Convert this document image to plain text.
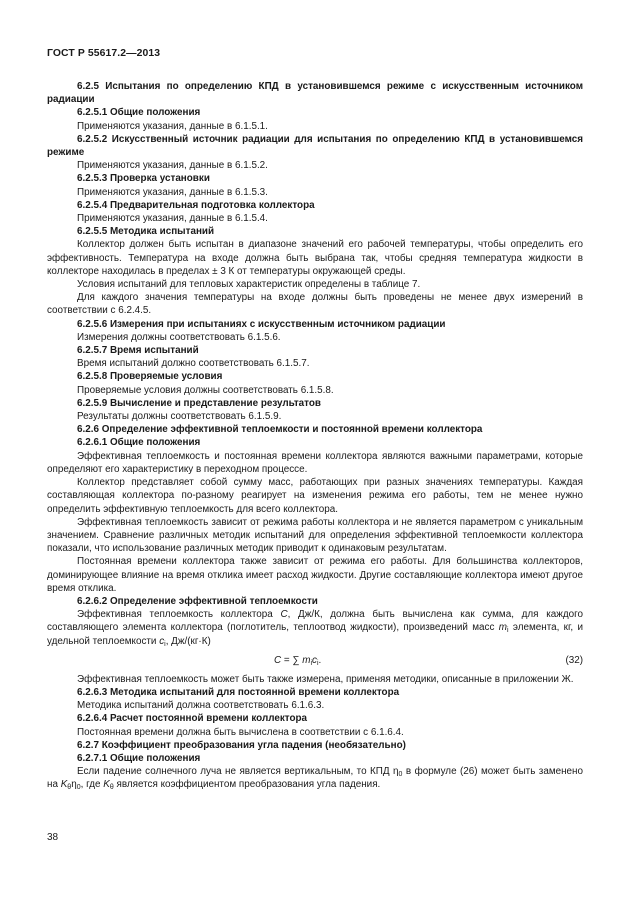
ГОСТ Р 55617.2—2013

6.2.5 Испытания по определению КПД в установившемся режиме с искусственным источником радиации

6.2.5.1 Общие положения

Применяются указания, данные в 6.1.5.1.

6.2.5.2 Искусственный источник радиации для испытания по определению КПД в установившемся режиме

Применяются указания, данные в 6.1.5.2.

6.2.5.3 Проверка установки

Применяются указания, данные в 6.1.5.3.

6.2.5.4 Предварительная подготовка коллектора

Применяются указания, данные в 6.1.5.4.

6.2.5.5 Методика испытаний

Коллектор должен быть испытан в диапазоне значений его рабочей температуры, чтобы определить его эффективность. Температура на входе должна быть выбрана так, чтобы средняя температура жидкости в коллекторе находилась в пределах ± 3 К от температуры окружающей среды.

Условия испытаний для тепловых характеристик определены в таблице 7.

Для каждого значения температуры на входе должны быть проведены не менее двух измерений в соответствии с 6.2.4.5.

6.2.5.6 Измерения при испытаниях с искусственным источником радиации

Измерения должны соответствовать 6.1.5.6.

6.2.5.7 Время испытаний

Время испытаний должно соответствовать 6.1.5.7.

6.2.5.8 Проверяемые условия

Проверяемые условия должны соответствовать 6.1.5.8.

6.2.5.9 Вычисление и представление результатов

Результаты должны соответствовать 6.1.5.9.

6.2.6 Определение эффективной теплоемкости и постоянной времени коллектора

6.2.6.1 Общие положения

Эффективная теплоемкость и постоянная времени коллектора являются важными параметрами, которые определяют его характеристику в переходном процессе.

Коллектор представляет собой сумму масс, работающих при разных значениях температуры. Каждая составляющая коллектора по-разному реагирует на изменения режима его работы, тем не менее нужно определить эффективную теплоемкость для всего коллектора.

Эффективная теплоемкость зависит от режима работы коллектора и не является параметром с уникальным значением. Сравнение различных методик испытаний для определения эффективной теплоемкости коллектора показали, что использование различных методик приводит к одинаковым результатам.

Постоянная времени коллектора также зависит от режима его работы. Для большинства коллекторов, доминирующее влияние на время отклика имеет расход жидкости. Другие составляющие коллектора имеют другое время отклика.

6.2.6.2 Определение эффективной теплоемкости

Эффективная теплоемкость коллектора C, Дж/К, должна быть вычислена как сумма, для каждого составляющего элемента коллектора (поглотитель, теплоотвод жидкости), произведений масс $m_i$ элемента, кг, и удельной теплоемкости $c_i$, Дж/(кг·К)

C = ∑ $m_ic_i$.	(32)

Эффективная теплоемкость может быть также измерена, применяя методики, описанные в приложении Ж.

6.2.6.3 Методика испытаний для постоянной времени коллектора

Методика испытаний должна соответствовать 6.1.6.3.

6.2.6.4 Расчет постоянной времени коллектора

Постоянная времени должна быть вычислена в соответствии с 6.1.6.4.

6.2.7 Коэффициент преобразования угла падения (необязательно)

6.2.7.1 Общие положения

Если падение солнечного луча не является вертикальным, то КПД $\eta_0$ в формуле (26) может быть заменено на $K_\theta\eta_0$, где $K_\theta$ является коэффициентом преобразования угла падения.

38
